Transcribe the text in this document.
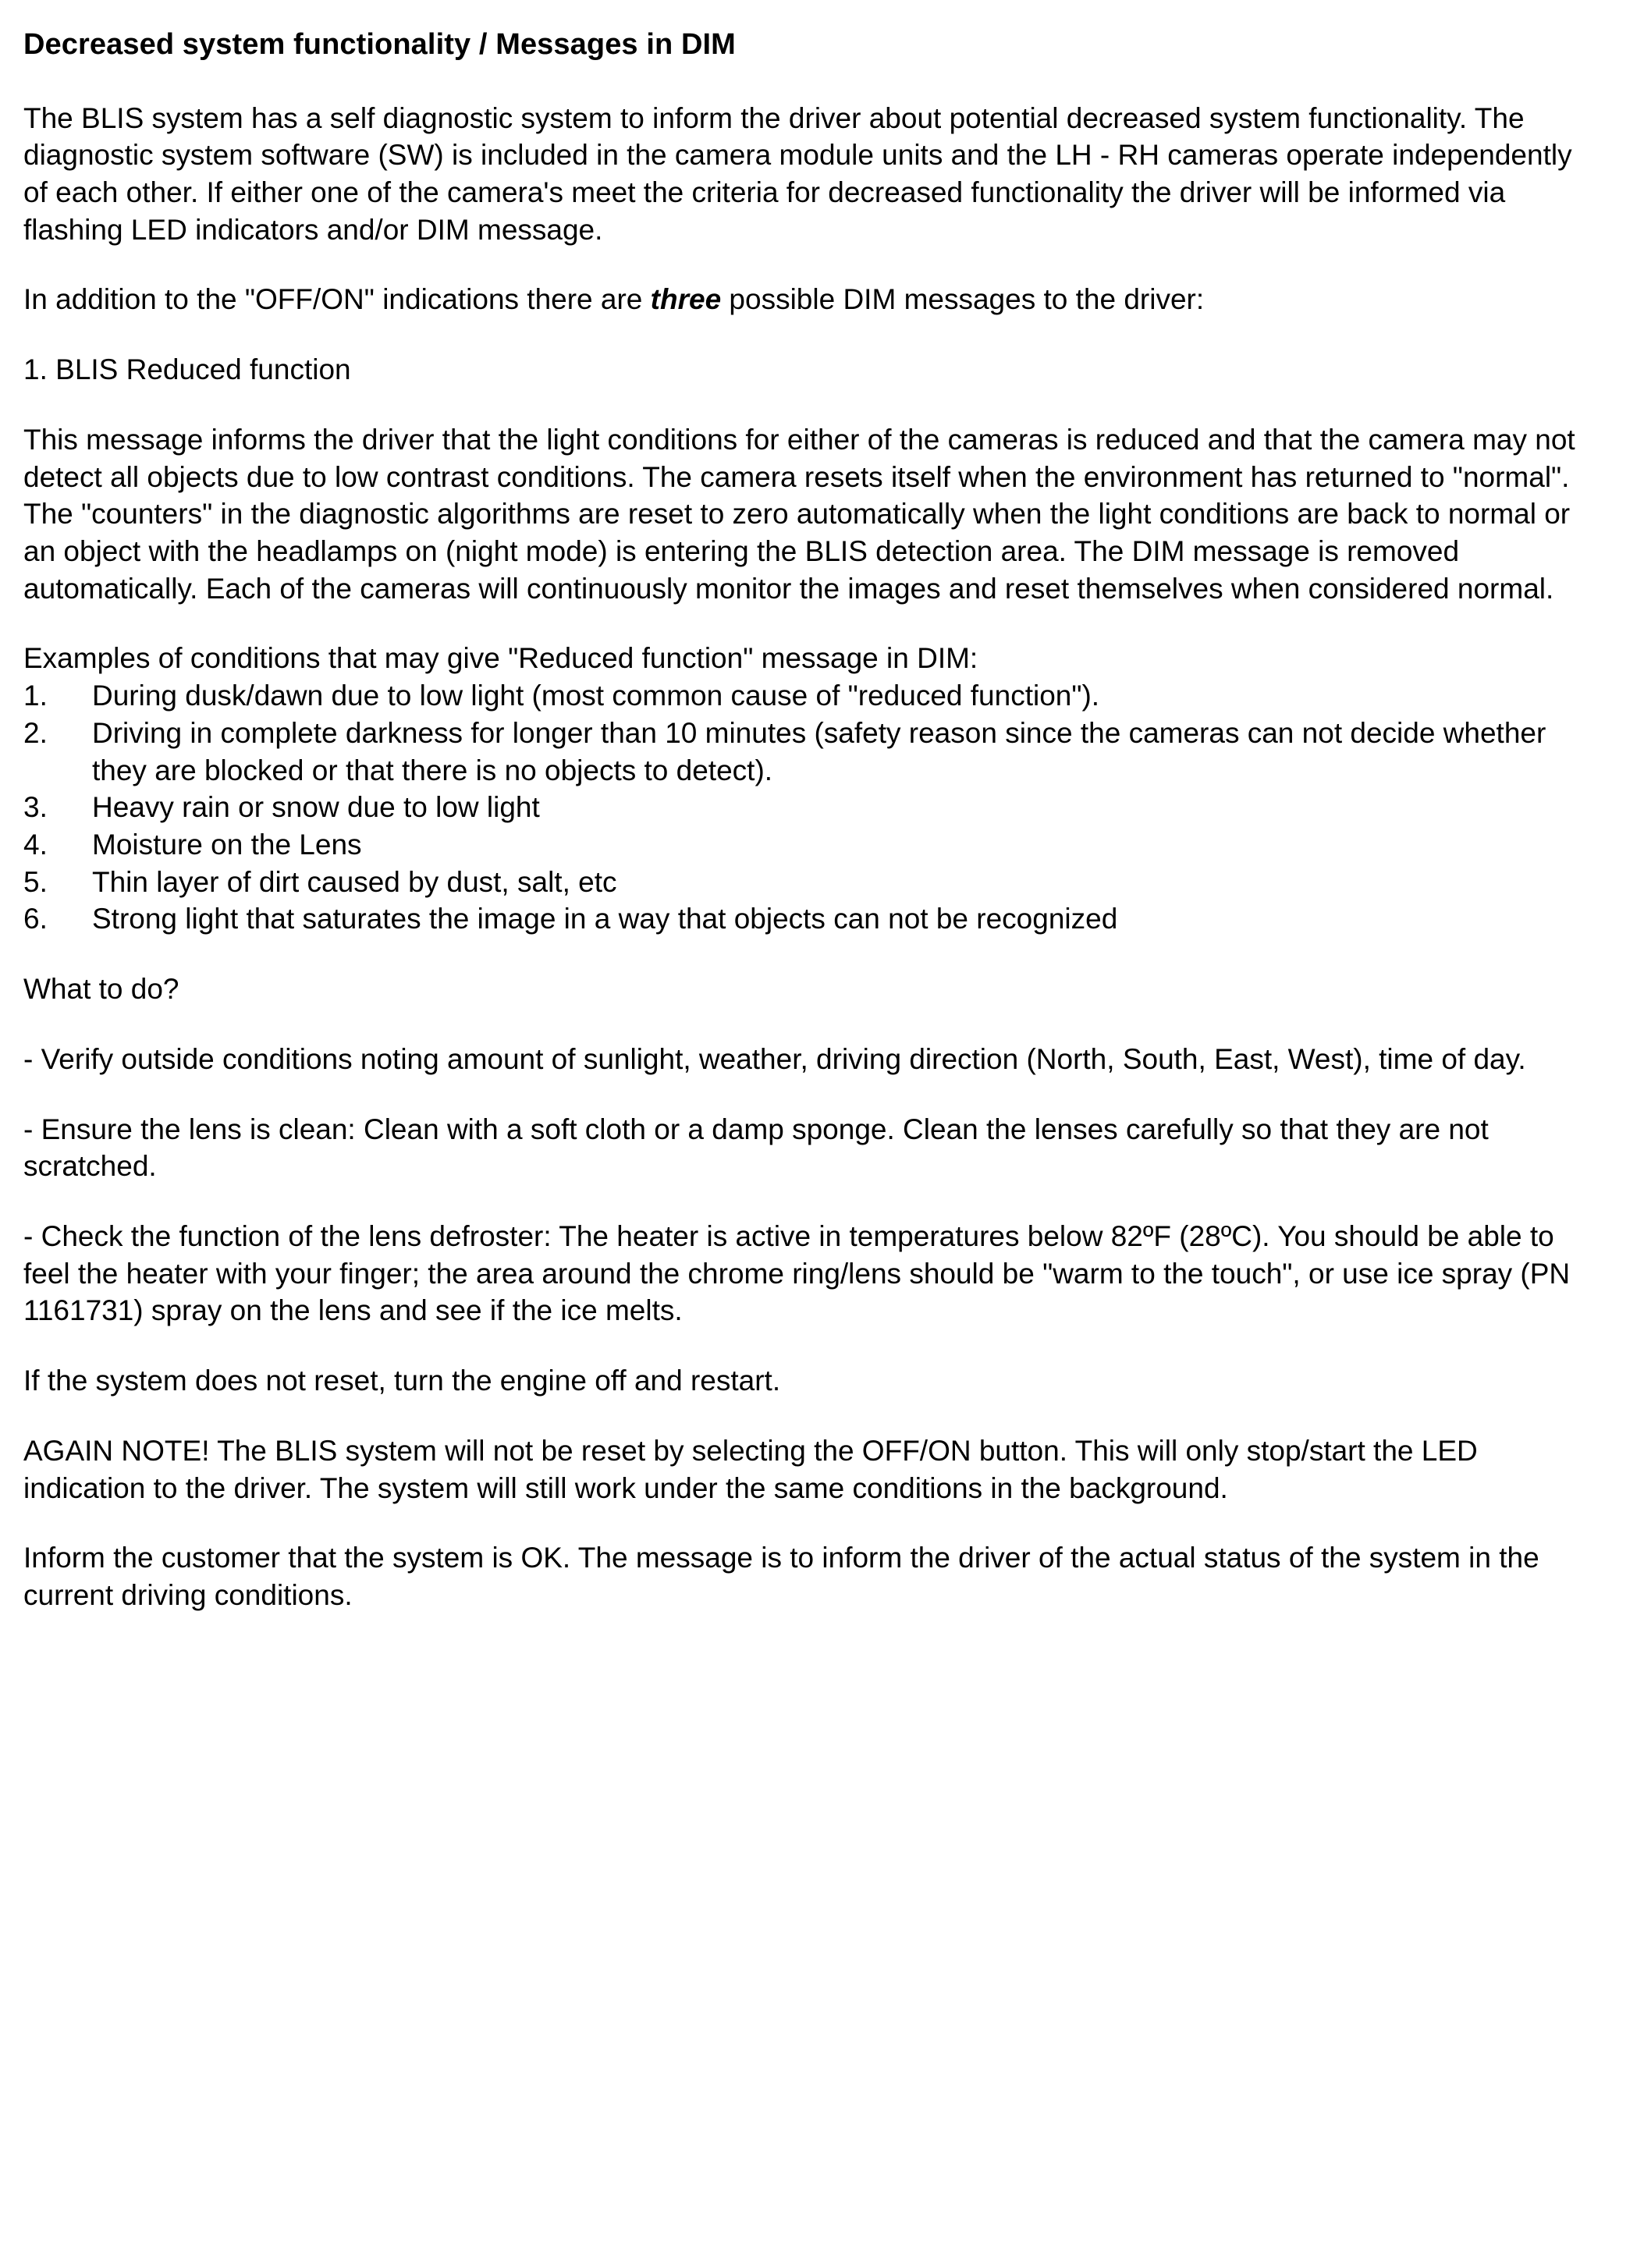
Decreased system functionality / Messages in DIM

The BLIS system has a self diagnostic system to inform the driver about potential decreased system functionality. The diagnostic system software (SW) is included in the camera module units and the LH - RH cameras operate independently of each other. If either one of the camera's meet the criteria for decreased functionality the driver will be informed via flashing LED indicators and/or DIM message.

In addition to the "OFF/ON" indications there are three possible DIM messages to the driver:

1. BLIS Reduced function

This message informs the driver that the light conditions for either of the cameras is reduced and that the camera may not detect all objects due to low contrast conditions. The camera resets itself when the environment has returned to "normal". The "counters" in the diagnostic algorithms are reset to zero automatically when the light conditions are back to normal or an object with the headlamps on (night mode) is entering the BLIS detection area. The DIM message is removed automatically. Each of the cameras will continuously monitor the images and reset themselves when considered normal.

Examples of conditions that may give "Reduced function" message in DIM:

1.	During dusk/dawn due to low light (most common cause of "reduced function").
2.	Driving in complete darkness for longer than 10 minutes (safety reason since the cameras can not decide whether they are blocked or that there is no objects to detect).
3.	Heavy rain or snow due to low light
4.	Moisture on the Lens
5.	Thin layer of dirt caused by dust, salt, etc
6.	Strong light that saturates the image in a way that objects can not be recognized

What to do?

- Verify outside conditions noting amount of sunlight, weather, driving direction (North, South, East, West), time of day.

- Ensure the lens is clean: Clean with a soft cloth or a damp sponge. Clean the lenses carefully so that they are not scratched.

- Check the function of the lens defroster: The heater is active in temperatures below 82ºF (28ºC). You should be able to feel the heater with your finger; the area around the chrome ring/lens should be "warm to the touch", or use ice spray (PN 1161731) spray on the lens and see if the ice melts.

If the system does not reset, turn the engine off and restart.

AGAIN NOTE! The BLIS system will not be reset by selecting the OFF/ON button. This will only stop/start the LED indication to the driver. The system will still work under the same conditions in the background.

Inform the customer that the system is OK. The message is to inform the driver of the actual status of the system in the current driving conditions.
